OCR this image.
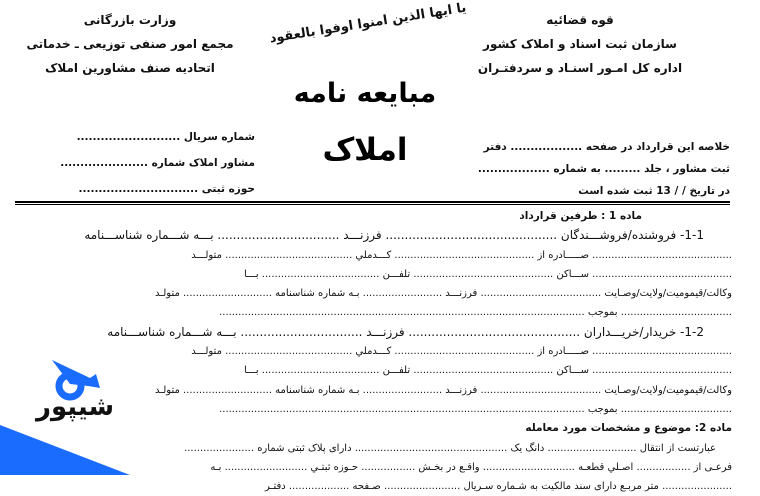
قوه قضائیه
سازمان ثبت اسناد و املاک کشور
اداره کل امـور اسنـاد و سردفتـران
وزارت بازرگانی
مجمع امور صنفی توزیعی ـ خدماتی
اتحادیه صنف مشاورین املاک
یا ایها الذین امنوا اوفوا بالعقود
مبایعه نامه
املاک	خلاصه این قرارداد در صفحه .................. دفتر
ثبت مشاور ، جلد ......... به شماره ..................
در تاریخ / / 13 ثبت شده است
شماره سریال ..........................
مشاور املاک شماره ......................
حوزه ثبتی ..............................
ماده 1 : طرفین قرارداد
1-1- فروشنده/فروشـــندگان ............................................. فرزنـــد ................................ بـــه شـــماره شناســـنامه
............................................ صـــــادره از ............................................ کـــدملي ........................................ متولـــد
............................................ ســـاکن ............................................ تلفـــن ..................................... بـــا
وکالت/قیمومیت/ولایت/وصـایت ...................................... فرزنـــد ......................... بـه شماره شناسنامه ............................ متولـد
................................... بموجب ...................................................................................................................
1-2- خریدار/خریـــداران ............................................. فرزنـــد ................................ بـــه شـــماره شناســـنامه
............................................ صـــــادره از ............................................ کـــدملي ........................................ متولـــد
............................................ ســـاکن ............................................ تلفـــن ..................................... بـــا
وکالت/قیمومیت/ولایت/وصـایت ...................................... فرزنـــد ......................... بـه شماره شناسنامه ............................ متولـد
................................... بموجب ...................................................................................................................
ماده 2: موضوع و مشخصات مورد معامله
عبارتست از انتقال ............................ دانگ یک ................................................ دارای پلاک ثبتی شماره ......................
فرعـی از ................. اصـلي قطعـه ............................. واقـع در بخـش ................. حـوزه ثبتـي .......................... بـه
...................... متر مربـع دارای سند مالکیت به شـماره سـریال ........................ صـفحه ................... دفتـر
شیپور
